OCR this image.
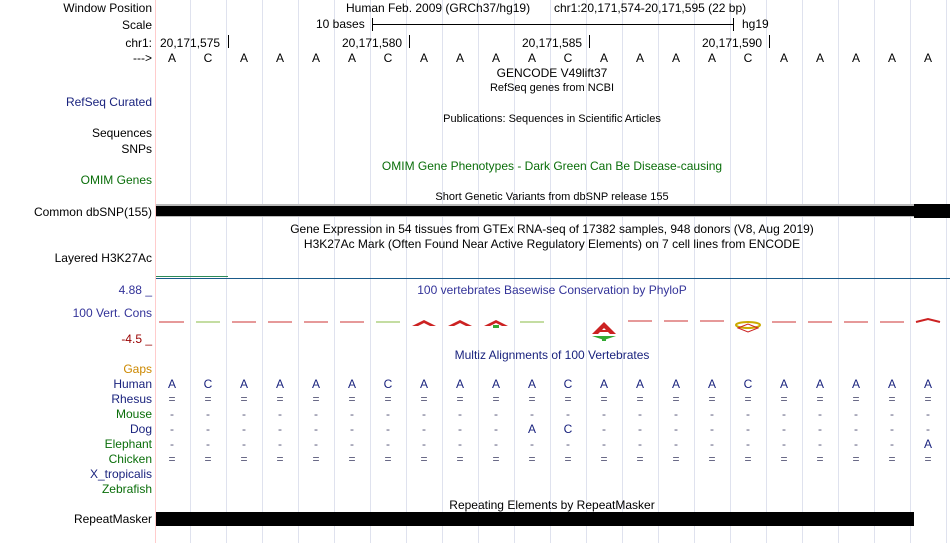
Window Position
Scale
chr1:
--->
Human Feb. 2009 (GRCh37/hg19) chr1:20,171,574-20,171,595 (22 bp)
10 bases	hg19
20,171,575	20,171,580	20,171,585	20,171,590
A	C	A	A	A	A	C	A	A	A	A	C	A	A	A	A	C	A	A	A	A	A
GENCODE V49lift37
RefSeq genes from NCBI
RefSeq Curated
Publications: Sequences in Scientific Articles
Sequences
SNPs
OMIM Gene Phenotypes - Dark Green Can Be Disease-causing
OMIM Genes
Short Genetic Variants from dbSNP release 155
Common dbSNP(155)
Gene Expression in 54 tissues from GTEx RNA-seq of 17382 samples, 948 donors (V8, Aug 2019)
H3K27Ac Mark (Often Found Near Active Regulatory Elements) on 7 cell lines from ENCODE
Layered H3K27Ac
4.88 _	100 vertebrates Basewise Conservation by PhyloP
100 Vert. Cons
-4.5 _
Multiz Alignments of 100 Vertebrates
Gaps
Human	A	C	A	A	A	A	C	A	A	A	A	C	A	A	A	A	C	A	A	A	A	A
Rhesus	=	=	=	=	=	=	=	=	=	=	=	=	=	=	=	=	=	=	=	=	=	=
Mouse	-	-	-	-	-	-	-	-	-	-	-	-	-	-	-	-	-	-	-	-	-	-
Dog	-	-	-	-	-	-	-	-	-	-	A	C	-	-	-	-	-	-	-	-	-	-
Elephant	-	-	-	-	-	-	-	-	-	-	-	-	-	-	-	-	-	-	-	-	-	A
Chicken	=	=	=	=	=	=	=	=	=	=	=	=	=	=	=	=	=	=	=	=	=	=
X_tropicalis
Zebrafish
Repeating Elements by RepeatMasker
RepeatMasker
